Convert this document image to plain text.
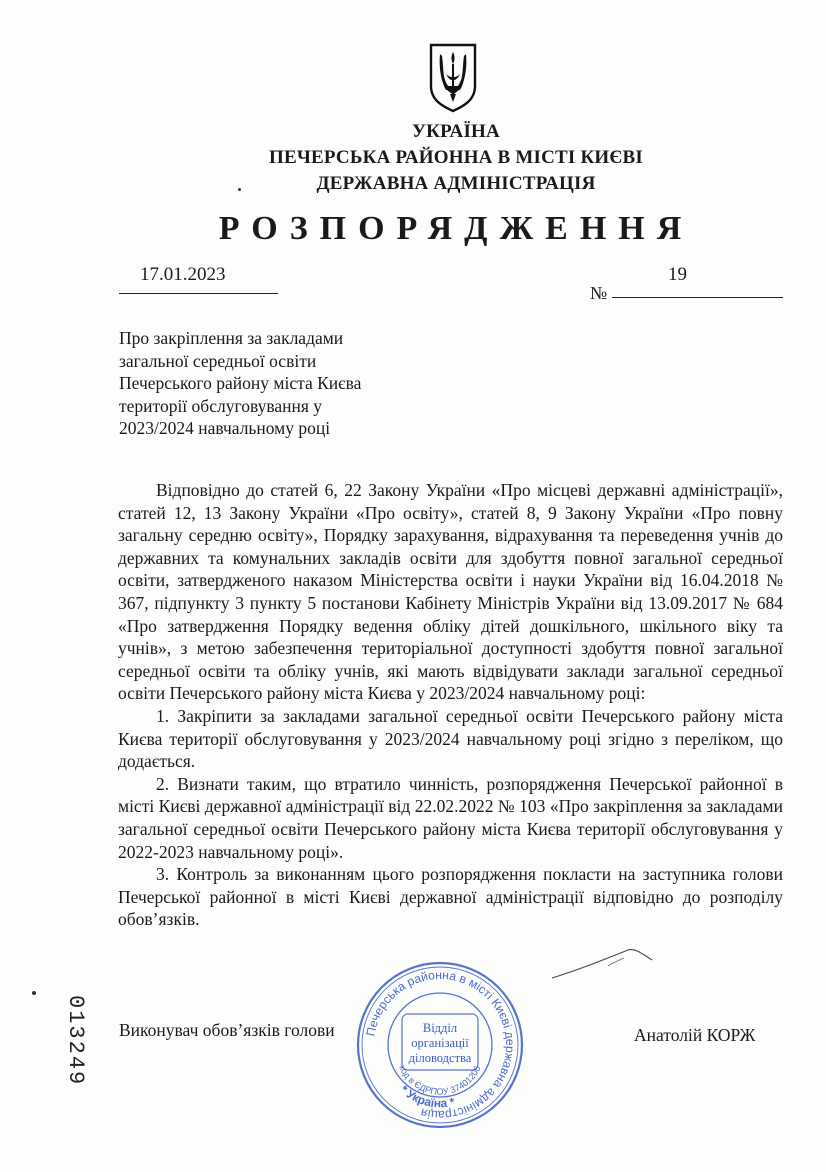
УКРАЇНА
ПЕЧЕРСЬКА РАЙОННА В МІСТІ КИЄВІ
ДЕРЖАВНА АДМІНІСТРАЦІЯ
РОЗПОРЯДЖЕННЯ
17.01.2023
№
19
Про закріплення за закладами
загальної середньої освіти
Печерського району міста Києва
території обслуговування у
2023/2024 навчальному році

Відповідно до статей 6, 22 Закону України «Про місцеві державні адміністрації», статей 12, 13 Закону України «Про освіту», статей 8, 9 Закону України «Про повну загальну середню освіту», Порядку зарахування, відрахування та переведення учнів до державних та комунальних закладів освіти для здобуття повної загальної середньої освіти, затвердженого наказом Міністерства освіти і науки України від 16.04.2018 № 367, підпункту 3 пункту 5 постанови Кабінету Міністрів України від 13.09.2017 № 684 «Про затвердження Порядку ведення обліку дітей дошкільного, шкільного віку та учнів», з метою забезпечення територіальної доступності здобуття повної загальної середньої освіти та обліку учнів, які мають відвідувати заклади загальної середньої освіти Печерського району міста Києва у 2023/2024 навчальному році:

1. Закріпити за закладами загальної середньої освіти Печерського району міста Києва території обслуговування у 2023/2024 навчальному році згідно з переліком, що додається.

2. Визнати таким, що втратило чинність, розпорядження Печерської районної в місті Києві державної адміністрації від 22.02.2022 № 103 «Про закріплення за закладами загальної середньої освіти Печерського району міста Києва території обслуговування у 2022-2023 навчальному році».

3. Контроль за виконанням цього розпорядження покласти на заступника голови Печерської районної в місті Києві державної адміністрації відповідно до розподілу обов’язків.

013249 Виконувач обов’язків голови	Анатолій КОРЖ
Печерська районна в місті Києві державна адміністрація
код в ЄДРПОУ 37401206
* Україна *
Відділ
організації
діловодства
